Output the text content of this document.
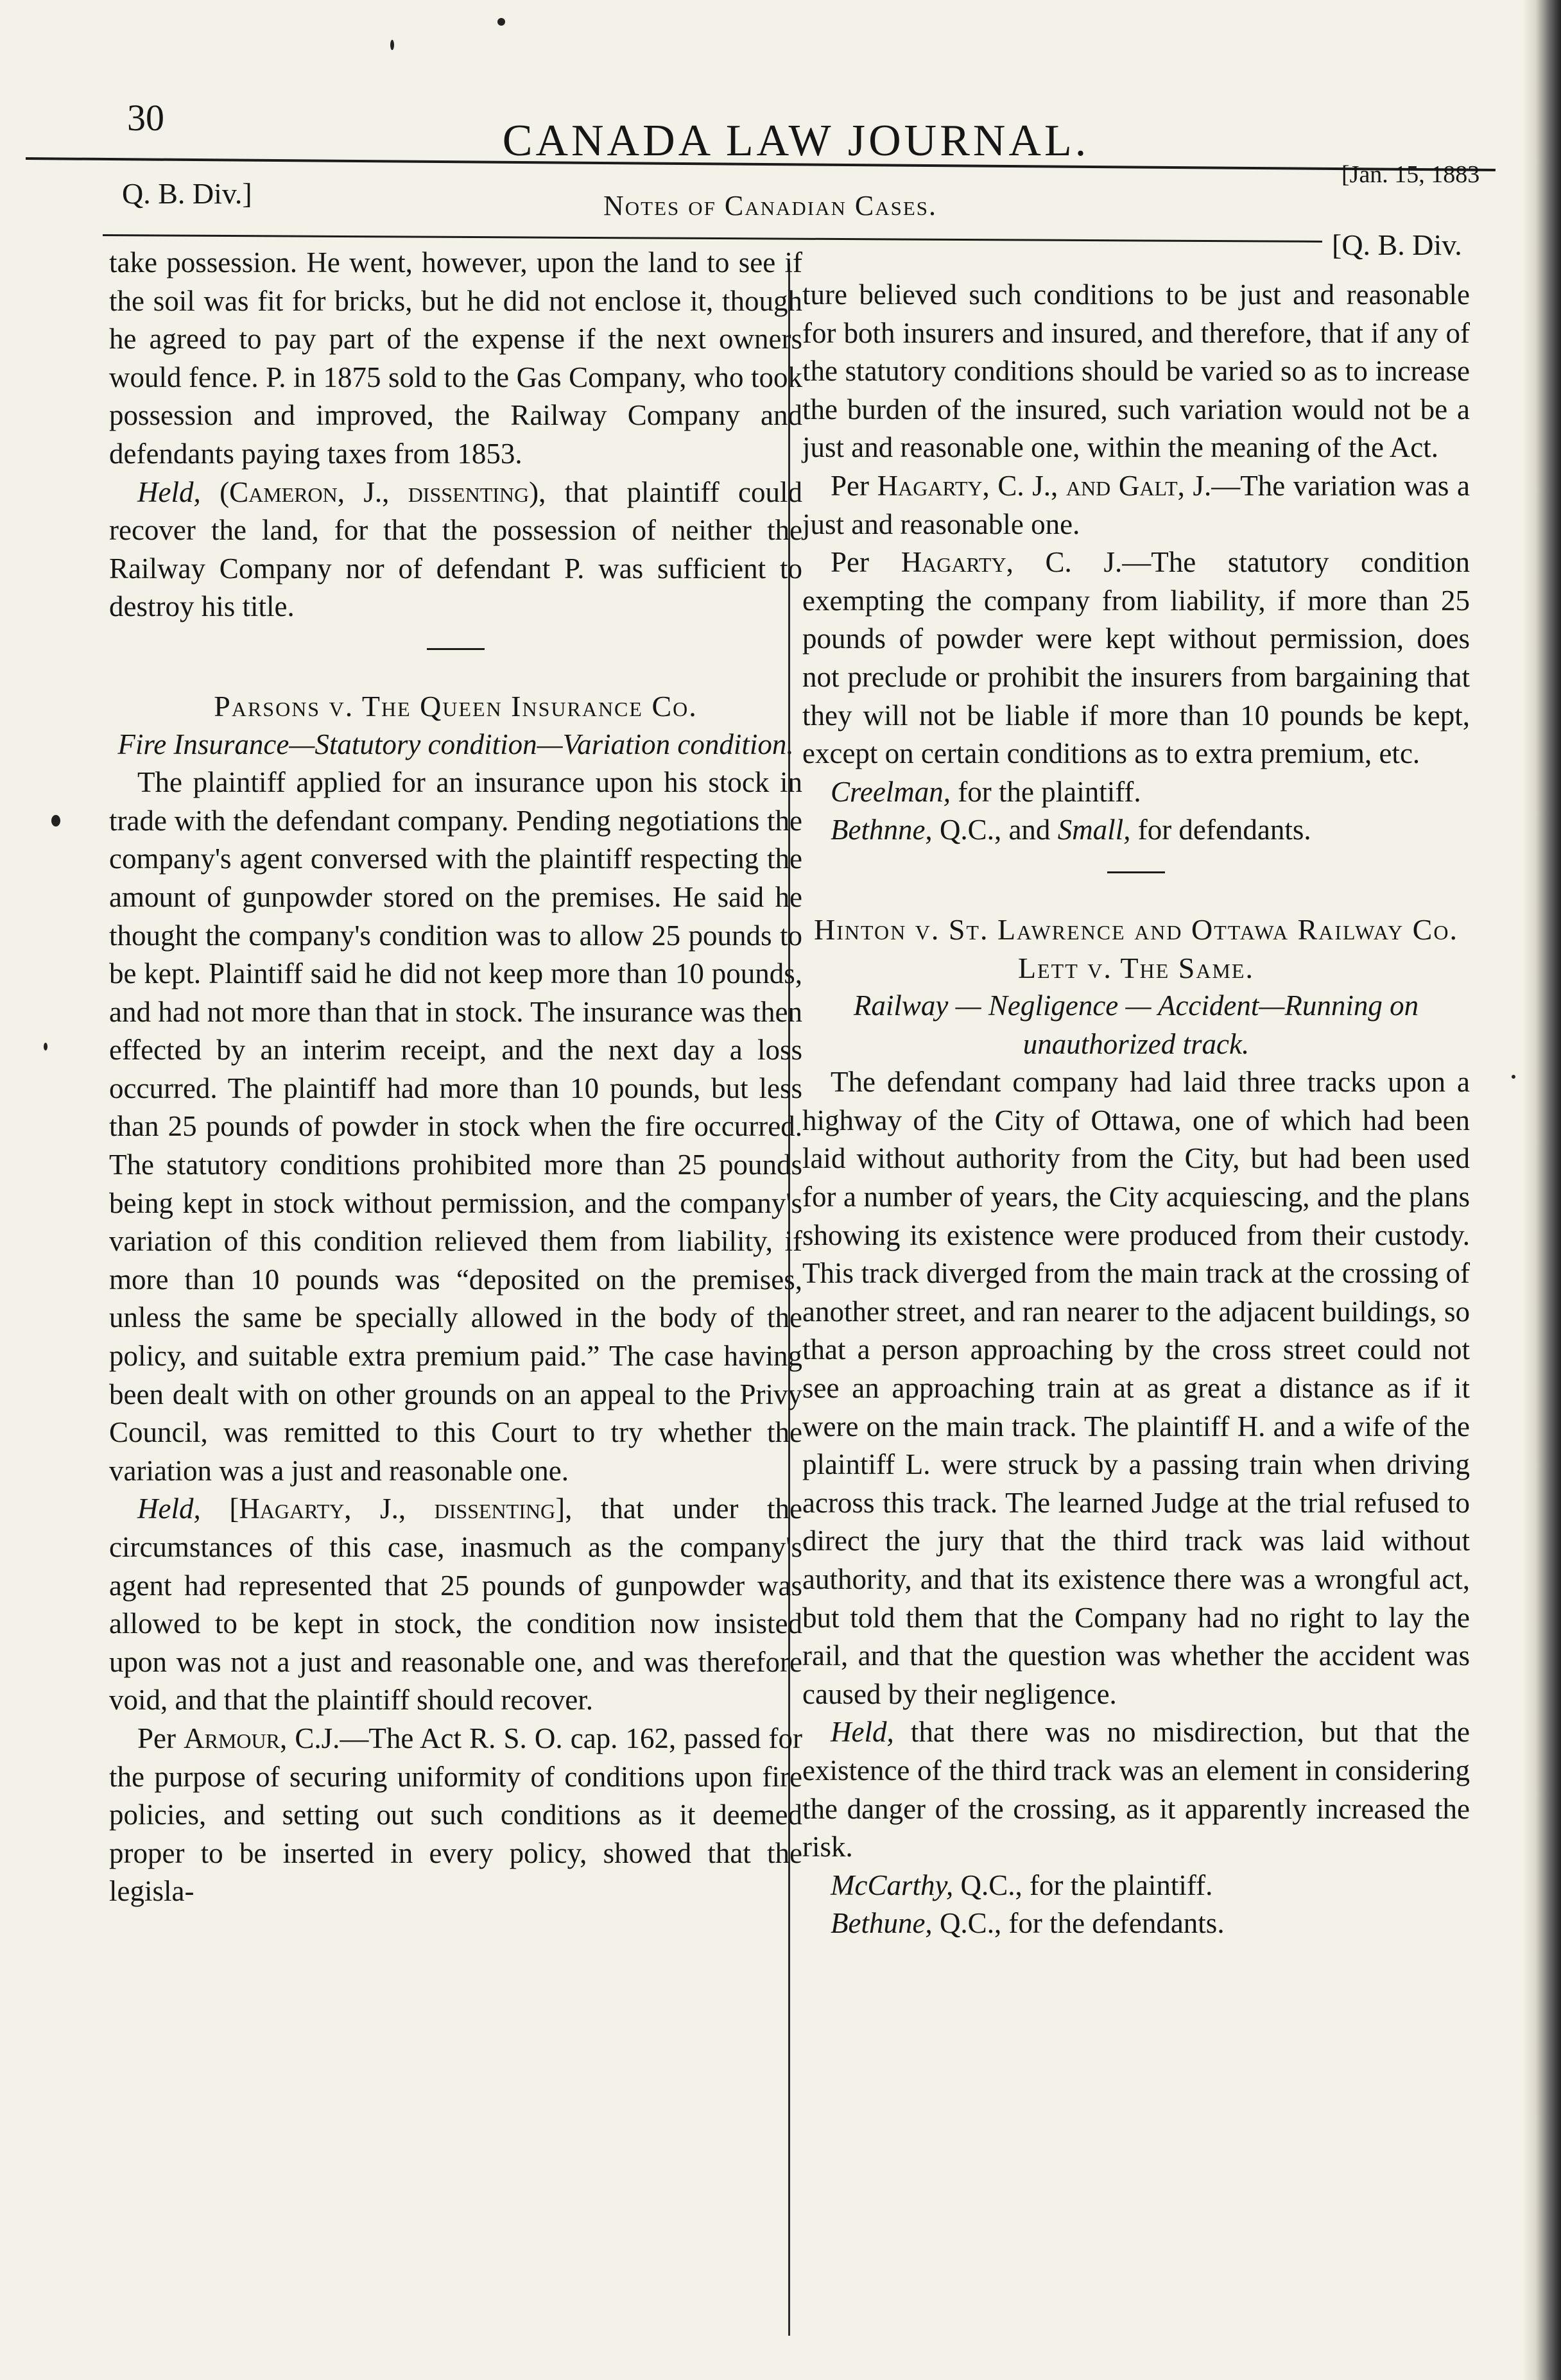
30	CANADA LAW JOURNAL.
Q. B. Div.]	Notes of Canadian Cases.
[Jan. 15, 1883
[Q. B. Div.

take possession. He went, however, upon the land to see if the soil was fit for bricks, but he did not enclose it, though he agreed to pay part of the expense if the next owners would fence. P. in 1875 sold to the Gas Company, who took possession and improved, the Railway Company and defendants paying taxes from 1853.

Held, (Cameron, J., dissenting), that plaintiff could recover the land, for that the possession of neither the Railway Company nor of defendant P. was sufficient to destroy his title.

Parsons v. The Queen Insurance Co.

Fire Insurance—Statutory condition—Variation condition.

The plaintiff applied for an insurance upon his stock in trade with the defendant company. Pending negotiations the company's agent conversed with the plaintiff respecting the amount of gunpowder stored on the premises. He said he thought the company's condition was to allow 25 pounds to be kept. Plaintiff said he did not keep more than 10 pounds, and had not more than that in stock. The insurance was then effected by an interim receipt, and the next day a loss occurred. The plaintiff had more than 10 pounds, but less than 25 pounds of powder in stock when the fire occurred. The statutory conditions prohibited more than 25 pounds being kept in stock without permission, and the company's variation of this condition relieved them from liability, if more than 10 pounds was “deposited on the premises, unless the same be specially allowed in the body of the policy, and suitable extra premium paid.” The case having been dealt with on other grounds on an appeal to the Privy Council, was remitted to this Court to try whether the variation was a just and reasonable one.

Held, [Hagarty, J., dissenting], that under the circumstances of this case, inasmuch as the company's agent had represented that 25 pounds of gunpowder was allowed to be kept in stock, the condition now insisted upon was not a just and reasonable one, and was therefore void, and that the plaintiff should recover.

Per Armour, C.J.—The Act R. S. O. cap. 162, passed for the purpose of securing uniformity of conditions upon fire policies, and setting out such conditions as it deemed proper to be inserted in every policy, showed that the legisla-

ture believed such conditions to be just and reasonable for both insurers and insured, and therefore, that if any of the statutory conditions should be varied so as to increase the burden of the insured, such variation would not be a just and reasonable one, within the meaning of the Act.

Per Hagarty, C. J., and Galt, J.—The variation was a just and reasonable one.

Per Hagarty, C. J.—The statutory condition exempting the company from liability, if more than 25 pounds of powder were kept without permission, does not preclude or prohibit the insurers from bargaining that they will not be liable if more than 10 pounds be kept, except on certain conditions as to extra premium, etc.

Creelman, for the plaintiff.

Bethnne, Q.C., and Small, for defendants.

Hinton v. St. Lawrence and Ottawa Railway Co.

Lett v. The Same.

Railway — Negligence — Accident—Running on unauthorized track.

The defendant company had laid three tracks upon a highway of the City of Ottawa, one of which had been laid without authority from the City, but had been used for a number of years, the City acquiescing, and the plans showing its existence were produced from their custody. This track diverged from the main track at the crossing of another street, and ran nearer to the adjacent buildings, so that a person approaching by the cross street could not see an approaching train at as great a distance as if it were on the main track. The plaintiff H. and a wife of the plaintiff L. were struck by a passing train when driving across this track. The learned Judge at the trial refused to direct the jury that the third track was laid without authority, and that its existence there was a wrongful act, but told them that the Company had no right to lay the rail, and that the question was whether the accident was caused by their negligence.

Held, that there was no misdirection, but that the existence of the third track was an element in considering the danger of the crossing, as it apparently increased the risk.

McCarthy, Q.C., for the plaintiff.

Bethune, Q.C., for the defendants.
